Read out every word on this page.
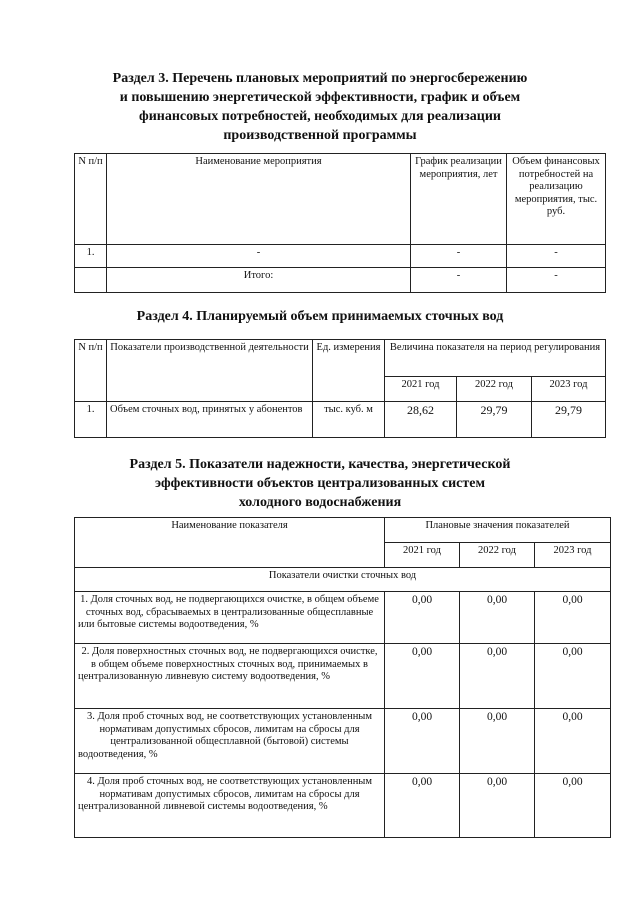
Раздел 3. Перечень плановых мероприятий по энергосбережению
и повышению энергетической эффективности, график и объем
финансовых потребностей, необходимых для реализации
производственной программы
N п/п	Наименование мероприятия	График реализации мероприятия, лет	Объем финансовых потребностей на реализацию мероприятия, тыс. руб.
1.	-	-	-
	Итого:	-	-
Раздел 4. Планируемый объем принимаемых сточных вод
N п/п	Показатели производственной деятельности	Ед. измерения	Величина показателя на период регулирования		
			2021 год	2022 год	2023 год
1.	Объем сточных вод, принятых у абонентов	тыс. куб. м	28,62	29,79	29,79
Раздел 5. Показатели надежности, качества, энергетической
эффективности объектов централизованных систем
холодного водоснабжения
Наименование показателя	Плановые значения показателей		
	2021 год	2022 год	2023 год
Показатели очистки сточных вод			
1. Доля сточных вод, не подвергающихся очистке, в общем объеме сточных вод, сбрасываемых в централизованные общесплавные или бытовые системы водоотведения, %	0,00	0,00	0,00
2. Доля поверхностных сточных вод, не подвергающихся очистке, в общем объеме поверхностных сточных вод, принимаемых в централизованную ливневую систему водоотведения, %	0,00	0,00	0,00
3. Доля проб сточных вод, не соответствующих установленным нормативам допустимых сбросов, лимитам на сбросы для централизованной общесплавной (бытовой) системы водоотведения, %	0,00	0,00	0,00
4. Доля проб сточных вод, не соответствующих установленным нормативам допустимых сбросов, лимитам на сбросы для централизованной ливневой системы водоотведения, %	0,00	0,00	0,00
